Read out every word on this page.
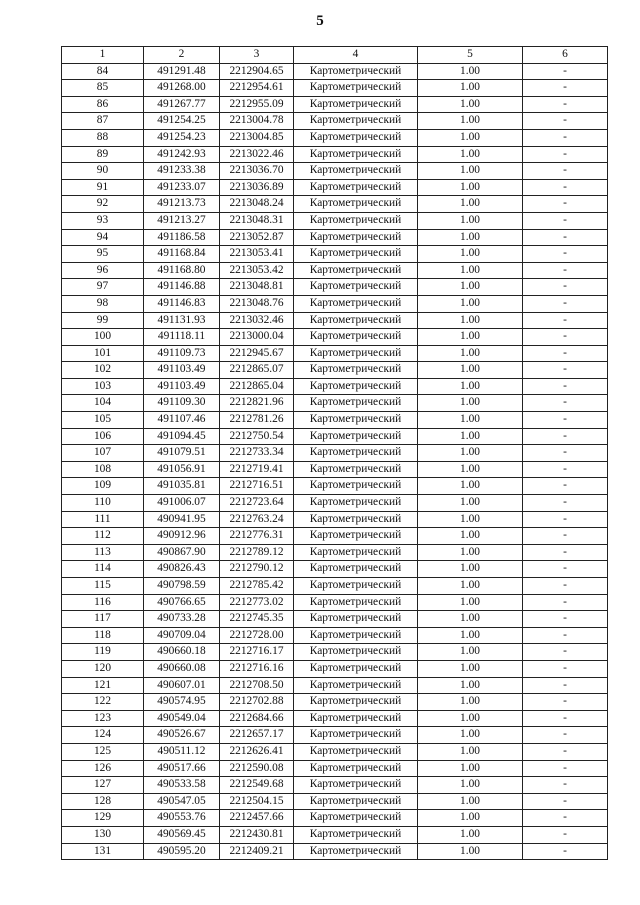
5
1	2	3	4	5	6
84	491291.48	2212904.65	Картометрический	1.00	-
85	491268.00	2212954.61	Картометрический	1.00	-
86	491267.77	2212955.09	Картометрический	1.00	-
87	491254.25	2213004.78	Картометрический	1.00	-
88	491254.23	2213004.85	Картометрический	1.00	-
89	491242.93	2213022.46	Картометрический	1.00	-
90	491233.38	2213036.70	Картометрический	1.00	-
91	491233.07	2213036.89	Картометрический	1.00	-
92	491213.73	2213048.24	Картометрический	1.00	-
93	491213.27	2213048.31	Картометрический	1.00	-
94	491186.58	2213052.87	Картометрический	1.00	-
95	491168.84	2213053.41	Картометрический	1.00	-
96	491168.80	2213053.42	Картометрический	1.00	-
97	491146.88	2213048.81	Картометрический	1.00	-
98	491146.83	2213048.76	Картометрический	1.00	-
99	491131.93	2213032.46	Картометрический	1.00	-
100	491118.11	2213000.04	Картометрический	1.00	-
101	491109.73	2212945.67	Картометрический	1.00	-
102	491103.49	2212865.07	Картометрический	1.00	-
103	491103.49	2212865.04	Картометрический	1.00	-
104	491109.30	2212821.96	Картометрический	1.00	-
105	491107.46	2212781.26	Картометрический	1.00	-
106	491094.45	2212750.54	Картометрический	1.00	-
107	491079.51	2212733.34	Картометрический	1.00	-
108	491056.91	2212719.41	Картометрический	1.00	-
109	491035.81	2212716.51	Картометрический	1.00	-
110	491006.07	2212723.64	Картометрический	1.00	-
111	490941.95	2212763.24	Картометрический	1.00	-
112	490912.96	2212776.31	Картометрический	1.00	-
113	490867.90	2212789.12	Картометрический	1.00	-
114	490826.43	2212790.12	Картометрический	1.00	-
115	490798.59	2212785.42	Картометрический	1.00	-
116	490766.65	2212773.02	Картометрический	1.00	-
117	490733.28	2212745.35	Картометрический	1.00	-
118	490709.04	2212728.00	Картометрический	1.00	-
119	490660.18	2212716.17	Картометрический	1.00	-
120	490660.08	2212716.16	Картометрический	1.00	-
121	490607.01	2212708.50	Картометрический	1.00	-
122	490574.95	2212702.88	Картометрический	1.00	-
123	490549.04	2212684.66	Картометрический	1.00	-
124	490526.67	2212657.17	Картометрический	1.00	-
125	490511.12	2212626.41	Картометрический	1.00	-
126	490517.66	2212590.08	Картометрический	1.00	-
127	490533.58	2212549.68	Картометрический	1.00	-
128	490547.05	2212504.15	Картометрический	1.00	-
129	490553.76	2212457.66	Картометрический	1.00	-
130	490569.45	2212430.81	Картометрический	1.00	-
131	490595.20	2212409.21	Картометрический	1.00	-
